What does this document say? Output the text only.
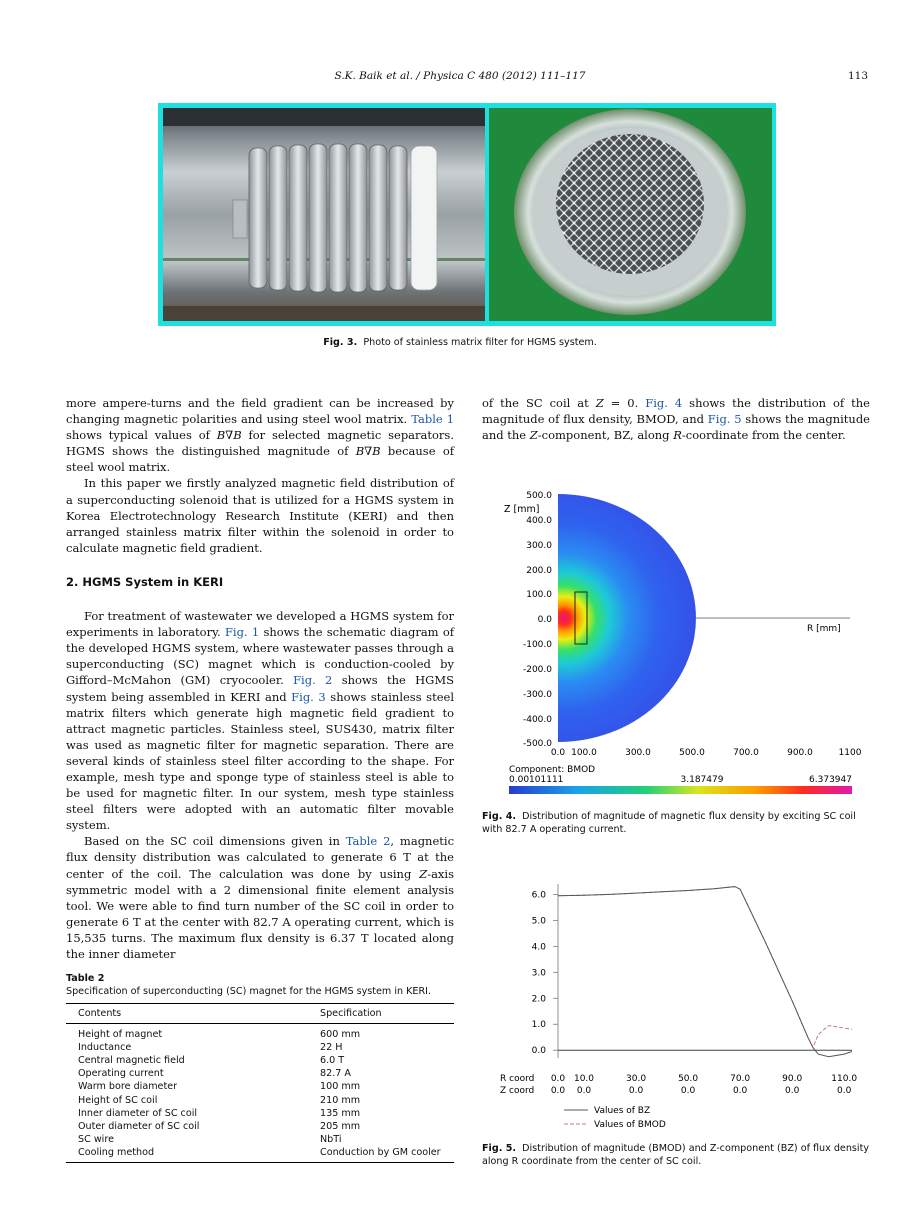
S.K. Baik et al. / Physica C 480 (2012) 111–117	113
Fig. 3. Photo of stainless matrix filter for HGMS system.

more ampere-turns and the field gradient can be increased by changing magnetic polarities and using steel wool matrix. Table 1 shows typical values of B∇B for selected magnetic separators. HGMS shows the distinguished magnitude of B∇B because of steel wool matrix.

In this paper we firstly analyzed magnetic field distribution of a superconducting solenoid that is utilized for a HGMS system in Korea Electrotechnology Research Institute (KERI) and then arranged stainless matrix filter within the solenoid in order to calculate magnetic field gradient.

2. HGMS System in KERI

For treatment of wastewater we developed a HGMS system for experiments in laboratory. Fig. 1 shows the schematic diagram of the developed HGMS system, where wastewater passes through a superconducting (SC) magnet which is conduction-cooled by Gifford–McMahon (GM) cryocooler. Fig. 2 shows the HGMS system being assembled in KERI and Fig. 3 shows stainless steel matrix filters which generate high magnetic field gradient to attract magnetic particles. Stainless steel, SUS430, matrix filter was used as magnetic filter for magnetic separation. There are several kinds of stainless steel filter according to the shape. For example, mesh type and sponge type of stainless steel is able to be used for magnetic filter. In our system, mesh type stainless steel filters were adopted with an automatic filter movable system.

Based on the SC coil dimensions given in Table 2, magnetic flux density distribution was calculated to generate 6 T at the center of the coil. The calculation was done by using Z-axis symmetric model with a 2 dimensional finite element analysis tool. We were able to find turn number of the SC coil in order to generate 6 T at the center with 82.7 A operating current, which is 15,535 turns. The maximum flux density is 6.37 T located along the inner diameter

of the SC coil at Z = 0. Fig. 4 shows the distribution of the magnitude of flux density, BMOD, and Fig. 5 shows the magnitude and the Z-component, BZ, along R-coordinate from the center.

Table 2
Specification of superconducting (SC) magnet for the HGMS system in KERI.
Contents	Specification
Height of magnet	600 mm
Inductance	22 H
Central magnetic field	6.0 T
Operating current	82.7 A
Warm bore diameter	100 mm
Height of SC coil	210 mm
Inner diameter of SC coil	135 mm
Outer diameter of SC coil	205 mm
SC wire	NbTi
Cooling method	Conduction by GM cooler
Z [mm]
500.0
400.0
300.0
200.0
100.0
0.0
-100.0
-200.0
-300.0
-400.0
-500.0
R [mm]
0.0 100.0	300.0	500.0	700.0	900.0	1100
Component: BMOD
0.00101111	3.187479	6.373947
Fig. 4. Distribution of magnitude of magnetic flux density by exciting SC coil with 82.7 A operating current.
6.0
5.0
4.0
3.0
2.0
1.0
0.0
R coord
Z coord
0.0
0.0
10.0
0.0
30.0
0.0
50.0
0.0
70.0
0.0
90.0
0.0
110.0
0.0
Values of BZ
Values of BMOD
Fig. 5. Distribution of magnitude (BMOD) and Z-component (BZ) of flux density along R coordinate from the center of SC coil.
